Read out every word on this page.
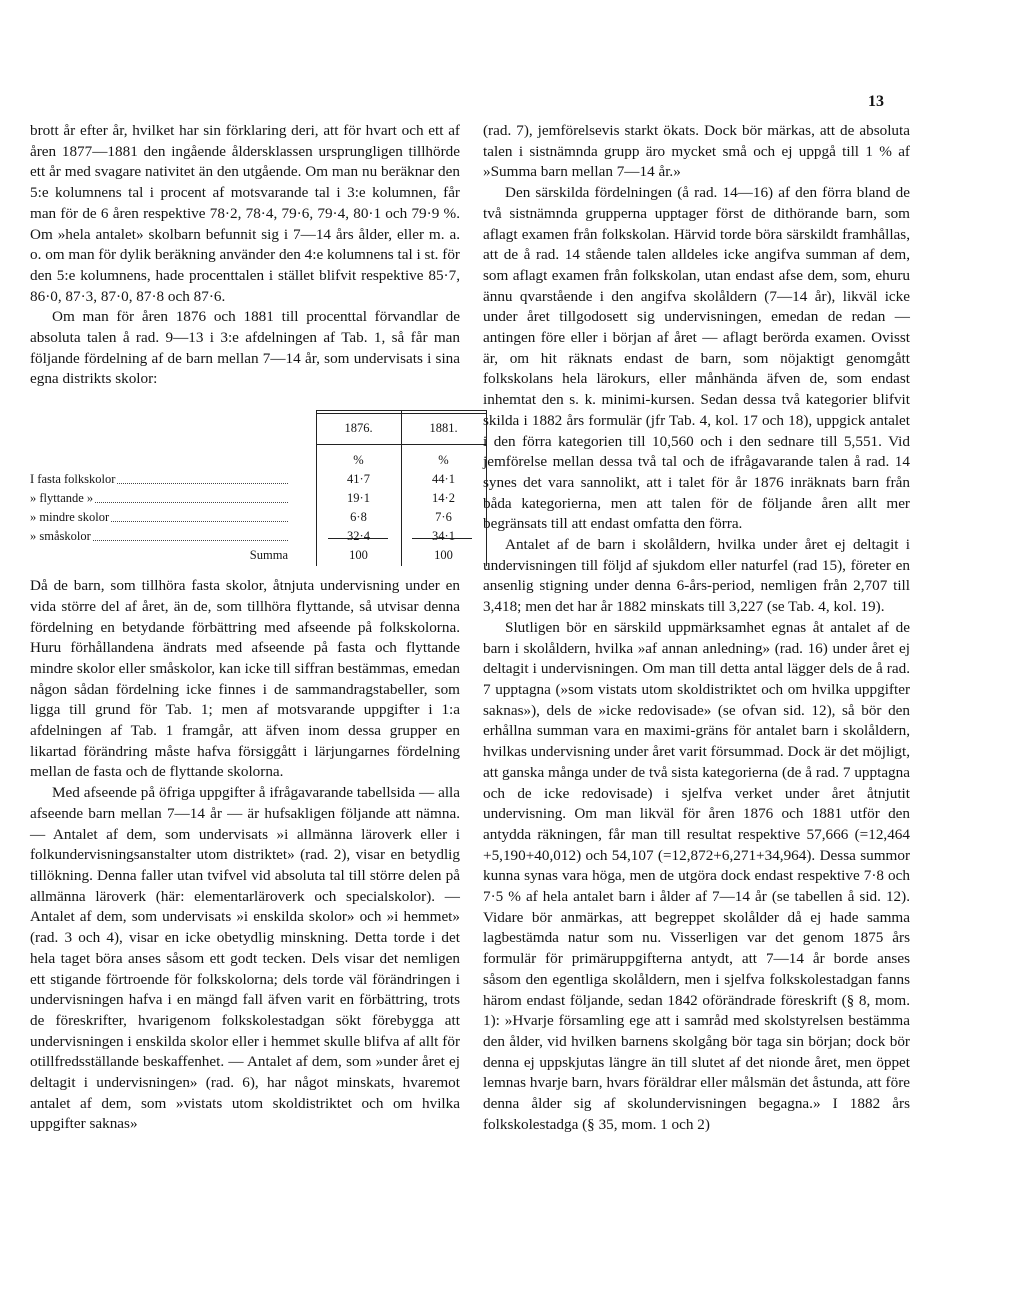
13

brott år efter år, hvilket har sin förklaring deri, att för hvart och ett af åren 1877—1881 den ingående åldersklassen ursprungligen tillhörde ett år med svagare nativitet än den utgående. Om man nu beräknar den 5:e kolumnens tal i procent af motsvarande tal i 3:e kolumnen, får man för de 6 åren respektive 78·2, 78·4, 79·6, 79·4, 80·1 och 79·9 %. Om »hela antalet» skolbarn befunnit sig i 7—14 års ålder, eller m. a. o. om man för dylik beräkning använder den 4:e kolumnens tal i st. för den 5:e kolumnens, hade procenttalen i stället blifvit respektive 85·7, 86·0, 87·3, 87·0, 87·8 och 87·6.

Om man för åren 1876 och 1881 till procenttal förvandlar de absoluta talen å rad. 9—13 i 3:e afdelningen af Tab. 1, så får man följande fördelning af de barn mellan 7—14 år, som undervisats i sina egna distrikts skolor:

1876.	1881.
%	%
I fasta folkskolor	41·7	44·1
» flyttande »	19·1	14·2
» mindre skolor	6·8	7·6
» småskolor	32·4	34·1
Summa	100	100

Då de barn, som tillhöra fasta skolor, åtnjuta undervisning under en vida större del af året, än de, som tillhöra flyttande, så utvisar denna fördelning en betydande förbättring med afseende på folkskolorna. Huru förhållandena ändrats med afseende på fasta och flyttande mindre skolor eller småskolor, kan icke till siffran bestämmas, emedan någon sådan fördelning icke finnes i de sammandragstabeller, som ligga till grund för Tab. 1; men af motsvarande uppgifter i 1:a afdelningen af Tab. 1 framgår, att äfven inom dessa grupper en likartad förändring måste hafva försiggått i lärjungarnes fördelning mellan de fasta och de flyttande skolorna.

Med afseende på öfriga uppgifter å ifrågavarande tabellsida — alla afseende barn mellan 7—14 år — är hufsakligen följande att nämna. — Antalet af dem, som undervisats »i allmänna läroverk eller i folkundervisningsanstalter utom distriktet» (rad. 2), visar en betydlig tillökning. Denna faller utan tvifvel vid absoluta tal till större delen på allmänna läroverk (här: elementarläroverk och specialskolor). — Antalet af dem, som undervisats »i enskilda skolor» och »i hemmet» (rad. 3 och 4), visar en icke obetydlig minskning. Detta torde i det hela taget böra anses såsom ett godt tecken. Dels visar det nemligen ett stigande förtroende för folkskolorna; dels torde väl förändringen i undervisningen hafva i en mängd fall äfven varit en förbättring, trots de föreskrifter, hvarigenom folkskolestadgan sökt förebygga att undervisningen i enskilda skolor eller i hemmet skulle blifva af allt för otillfredsställande beskaffenhet. — Antalet af dem, som »under året ej deltagit i undervisningen» (rad. 6), har något minskats, hvaremot antalet af dem, som »vistats utom skoldistriktet och om hvilka uppgifter saknas»

(rad. 7), jemförelsevis starkt ökats. Dock bör märkas, att de absoluta talen i sistnämnda grupp äro mycket små och ej uppgå till 1 % af »Summa barn mellan 7—14 år.»

Den särskilda fördelningen (å rad. 14—16) af den förra bland de två sistnämnda grupperna upptager först de dithörande barn, som aflagt examen från folkskolan. Härvid torde böra särskildt framhållas, att de å rad. 14 stående talen alldeles icke angifva summan af dem, som aflagt examen från folkskolan, utan endast afse dem, som, ehuru ännu qvarstående i den angifva skolåldern (7—14 år), likväl icke under året tillgodosett sig undervisningen, emedan de redan — antingen före eller i början af året — aflagt berörda examen. Ovisst är, om hit räknats endast de barn, som nöjaktigt genomgått folkskolans hela lärokurs, eller månhända äfven de, som endast inhemtat den s. k. minimi-kursen. Sedan dessa två kategorier blifvit skilda i 1882 års formulär (jfr Tab. 4, kol. 17 och 18), uppgick antalet i den förra kategorien till 10,560 och i den sednare till 5,551. Vid jemförelse mellan dessa två tal och de ifrågavarande talen å rad. 14 synes det vara sannolikt, att i talet för år 1876 inräknats barn från båda kategorierna, men att talen för de följande åren allt mer begränsats till att endast omfatta den förra.

Antalet af de barn i skolåldern, hvilka under året ej deltagit i undervisningen till följd af sjukdom eller naturfel (rad 15), företer en ansenlig stigning under denna 6-års-period, nemligen från 2,707 till 3,418; men det har år 1882 minskats till 3,227 (se Tab. 4, kol. 19).

Slutligen bör en särskild uppmärksamhet egnas åt antalet af de barn i skolåldern, hvilka »af annan anledning» (rad. 16) under året ej deltagit i undervisningen. Om man till detta antal lägger dels de å rad. 7 upptagna (»som vistats utom skoldistriktet och om hvilka uppgifter saknas»), dels de »icke redovisade» (se ofvan sid. 12), så bör den erhållna summan vara en maximi-gräns för antalet barn i skolåldern, hvilkas undervisning under året varit försummad. Dock är det möjligt, att ganska många under de två sista kategorierna (de å rad. 7 upptagna och de icke redovisade) i sjelfva verket under året åtnjutit undervisning. Om man likväl för åren 1876 och 1881 utför den antydda räkningen, får man till resultat respektive 57,666 (=12,464 +5,190+40,012) och 54,107 (=12,872+6,271+34,964). Dessa summor kunna synas vara höga, men de utgöra dock endast respektive 7·8 och 7·5 % af hela antalet barn i ålder af 7—14 år (se tabellen å sid. 12). Vidare bör anmärkas, att begreppet skolålder då ej hade samma lagbestämda natur som nu. Visserligen var det genom 1875 års formulär för primäruppgifterna antydt, att 7—14 år borde anses såsom den egentliga skolåldern, men i sjelfva folkskolestadgan fanns härom endast följande, sedan 1842 oförändrade föreskrift (§ 8, mom. 1): »Hvarje församling ege att i samråd med skolstyrelsen bestämma den ålder, vid hvilken barnens skolgång bör taga sin början; dock bör denna ej uppskjutas längre än till slutet af det nionde året, men öppet lemnas hvarje barn, hvars föräldrar eller målsmän det åstunda, att före denna ålder sig af skolundervisningen begagna.» I 1882 års folkskolestadga (§ 35, mom. 1 och 2)
